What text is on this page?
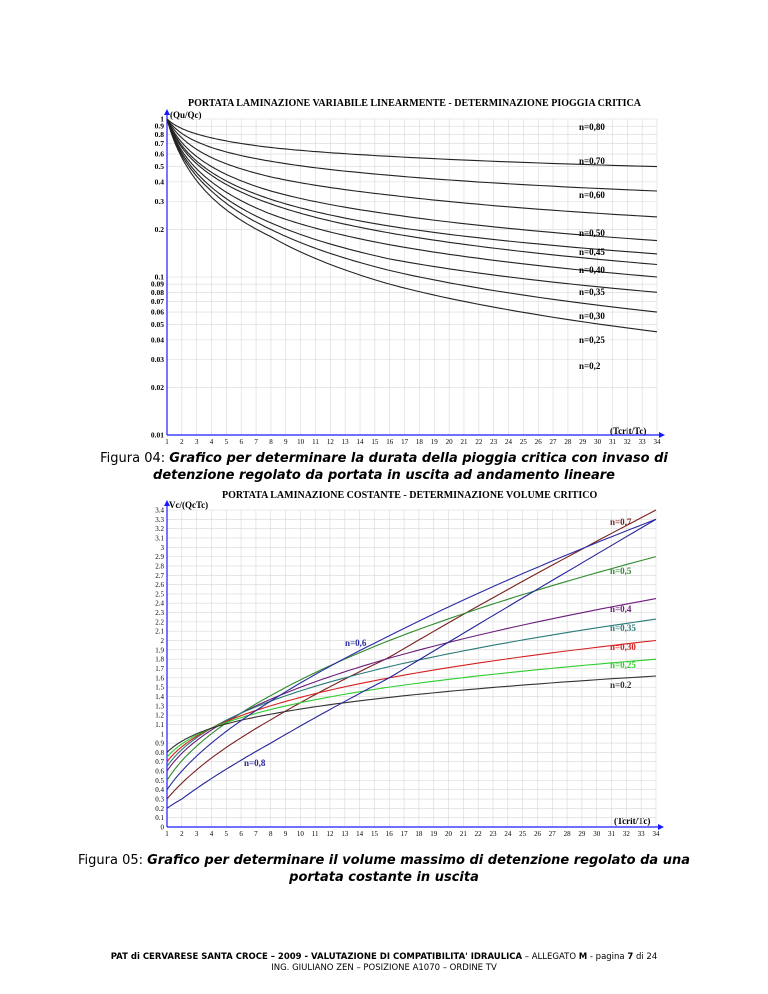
PORTATA LAMINAZIONE VARIABILE LINEARMENTE - DETERMINAZIONE PIOGGIA CRITICA
(Qu/Qc)
(Tcrit/Tc)
0.01
0.02
0.03
0.04
0.05
0.06
0.07
0.08
0.09
0.1
0.2
0.3
0.4
0.5
0.6
0.7
0.8
0.9
1
1 2 3 4 5 6 7 8 9 10 11 12 13 14 15 16 17 18 19 20 21 22 23 24 25 26 27 28 29 30 31 32 33 34
n=0,80
n=0,70
n=0,60
n=0,50
n=0,45
n=0,40
n=0,35
n=0,30
n=0,25
n=0,2
Figura 04: Grafico per determinare la durata della pioggia critica con invaso di detenzione regolato da portata in uscita ad andamento lineare
PORTATA LAMINAZIONE COSTANTE - DETERMINAZIONE VOLUME CRITICO
Vc/(QcTc)
(Tcrit/Tc)
0
0.1
0.2
0.3
0.4
0.5
0.6
0.7
0.8
0.9
1
1.1
1.2
1.3
1.4
1.5
1.6
1.7
1.8
1.9
2
2.1
2.2
2.3
2.4
2.5
2.6
2.7
2.8
2.9
3
3.1
3.2
3.3
3.4
1 2 3 4 5 6 7 8 9 10 11 12 13 14 15 16 17 18 19 20 21 22 23 24 25 26 27 28 29 30 31 32 33 34
n=0,7
n=0,5
n=0,4
n=0,35
n=0,30
n=0,25
n=0.2
n=0,6
n=0,8
Figura 05: Grafico per determinare il volume massimo di detenzione regolato da una portata costante in uscita
PAT di CERVARESE SANTA CROCE – 2009 - VALUTAZIONE DI COMPATIBILITA' IDRAULICA – ALLEGATO M - pagina 7 di 24
ING. GIULIANO ZEN – POSIZIONE A1070 – ORDINE TV
